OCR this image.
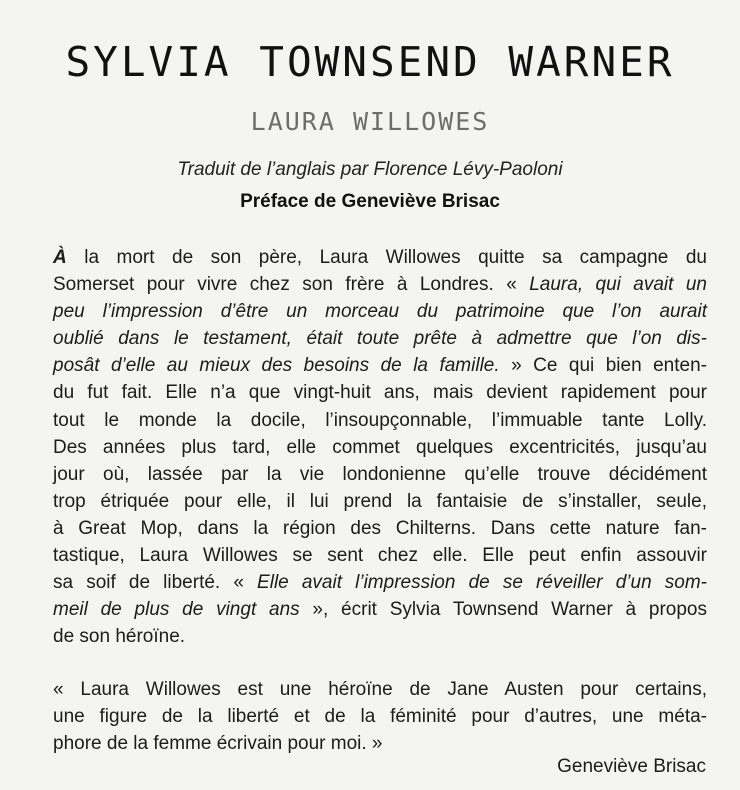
SYLVIA TOWNSEND WARNER
LAURA WILLOWES
Traduit de l’anglais par Florence Lévy-Paoloni
Préface de Geneviève Brisac
À la mort de son père, Laura Willowes quitte sa campagne du
Somerset pour vivre chez son frère à Londres. « Laura, qui avait un
peu l’impression d’être un morceau du patrimoine que l’on aurait
oublié dans le testament, était toute prête à admettre que l’on dis-
posât d’elle au mieux des besoins de la famille. » Ce qui bien enten-
du fut fait. Elle n’a que vingt-huit ans, mais devient rapidement pour
tout le monde la docile, l’insoupçonnable, l’immuable tante Lolly.
Des années plus tard, elle commet quelques excentricités, jusqu’au
jour où, lassée par la vie londonienne qu’elle trouve décidément
trop étriquée pour elle, il lui prend la fantaisie de s’installer, seule,
à Great Mop, dans la région des Chilterns. Dans cette nature fan-
tastique, Laura Willowes se sent chez elle. Elle peut enfin assouvir
sa soif de liberté. « Elle avait l’impression de se réveiller d’un som-
meil de plus de vingt ans », écrit Sylvia Townsend Warner à propos
de son héroïne.
« Laura Willowes est une héroïne de Jane Austen pour certains,
une figure de la liberté et de la féminité pour d’autres, une méta-
phore de la femme écrivain pour moi. »
Geneviève Brisac
